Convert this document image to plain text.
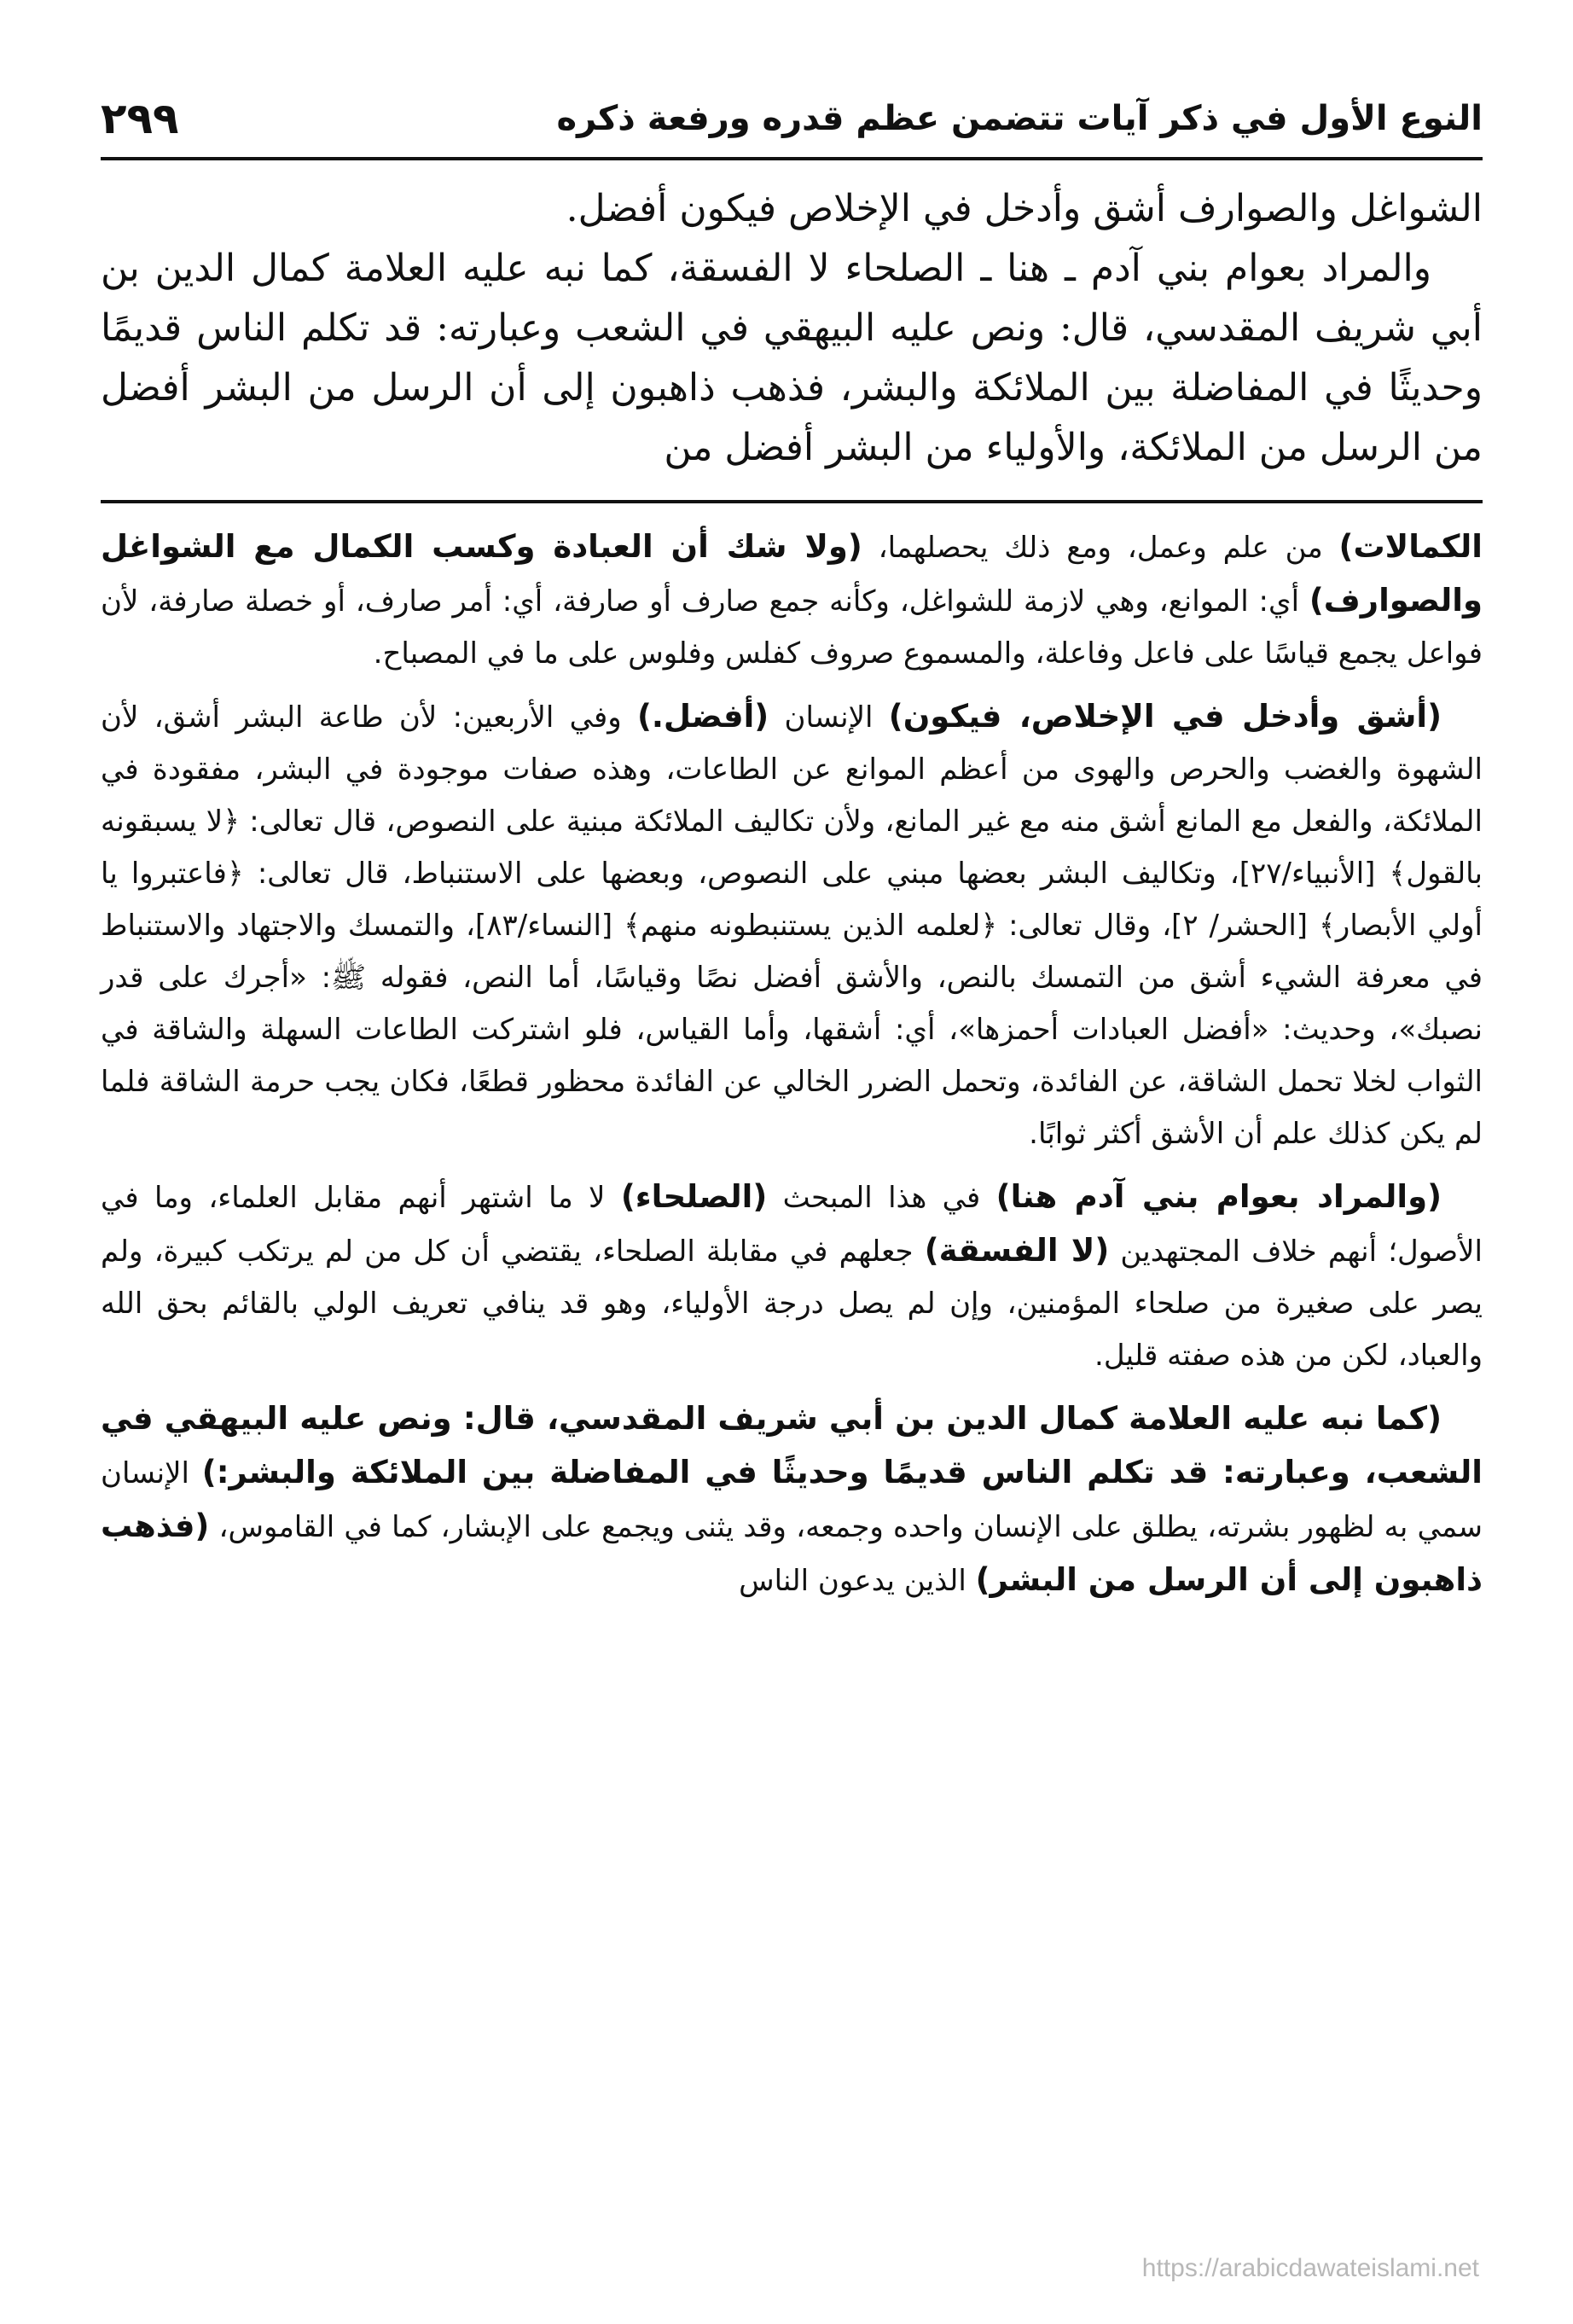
النوع الأول في ذكر آيات تتضمن عظم قدره ورفعة ذكره
٢٩٩

الشواغل والصوارف أشق وأدخل في الإخلاص فيكون أفضل.

والمراد بعوام بني آدم ـ هنا ـ الصلحاء لا الفسقة، كما نبه عليه العلامة كمال الدين بن أبي شريف المقدسي، قال: ونص عليه البيهقي في الشعب وعبارته: قد تكلم الناس قديمًا وحديثًا في المفاضلة بين الملائكة والبشر، فذهب ذاهبون إلى أن الرسل من البشر أفضل من الرسل من الملائكة، والأولياء من البشر أفضل من

الكمالات) من علم وعمل، ومع ذلك يحصلهما، (ولا شك أن العبادة وكسب الكمال مع الشواغل والصوارف) أي: الموانع، وهي لازمة للشواغل، وكأنه جمع صارف أو صارفة، أي: أمر صارف، أو خصلة صارفة، لأن فواعل يجمع قياسًا على فاعل وفاعلة، والمسموع صروف كفلس وفلوس على ما في المصباح.

(أشق وأدخل في الإخلاص، فيكون) الإنسان (أفضل.) وفي الأربعين: لأن طاعة البشر أشق، لأن الشهوة والغضب والحرص والهوى من أعظم الموانع عن الطاعات، وهذه صفات موجودة في البشر، مفقودة في الملائكة، والفعل مع المانع أشق منه مع غير المانع، ولأن تكاليف الملائكة مبنية على النصوص، قال تعالى: ﴿لا يسبقونه بالقول﴾ [الأنبياء/٢٧]، وتكاليف البشر بعضها مبني على النصوص، وبعضها على الاستنباط، قال تعالى: ﴿فاعتبروا يا أولي الأبصار﴾ [الحشر/ ٢]، وقال تعالى: ﴿لعلمه الذين يستنبطونه منهم﴾ [النساء/٨٣]، والتمسك والاجتهاد والاستنباط في معرفة الشيء أشق من التمسك بالنص، والأشق أفضل نصًا وقياسًا، أما النص، فقوله ﷺ: «أجرك على قدر نصبك»، وحديث: «أفضل العبادات أحمزها»، أي: أشقها، وأما القياس، فلو اشتركت الطاعات السهلة والشاقة في الثواب لخلا تحمل الشاقة، عن الفائدة، وتحمل الضرر الخالي عن الفائدة محظور قطعًا، فكان يجب حرمة الشاقة فلما لم يكن كذلك علم أن الأشق أكثر ثوابًا.

(والمراد بعوام بني آدم هنا) في هذا المبحث (الصلحاء) لا ما اشتهر أنهم مقابل العلماء، وما في الأصول؛ أنهم خلاف المجتهدين (لا الفسقة) جعلهم في مقابلة الصلحاء، يقتضي أن كل من لم يرتكب كبيرة، ولم يصر على صغيرة من صلحاء المؤمنين، وإن لم يصل درجة الأولياء، وهو قد ينافي تعريف الولي بالقائم بحق الله والعباد، لكن من هذه صفته قليل.

(كما نبه عليه العلامة كمال الدين بن أبي شريف المقدسي، قال: ونص عليه البيهقي في الشعب، وعبارته: قد تكلم الناس قديمًا وحديثًا في المفاضلة بين الملائكة والبشر:) الإنسان سمي به لظهور بشرته، يطلق على الإنسان واحده وجمعه، وقد يثنى ويجمع على الإبشار، كما في القاموس، (فذهب ذاهبون إلى أن الرسل من البشر) الذين يدعون الناس

https://arabicdawateislami.net
